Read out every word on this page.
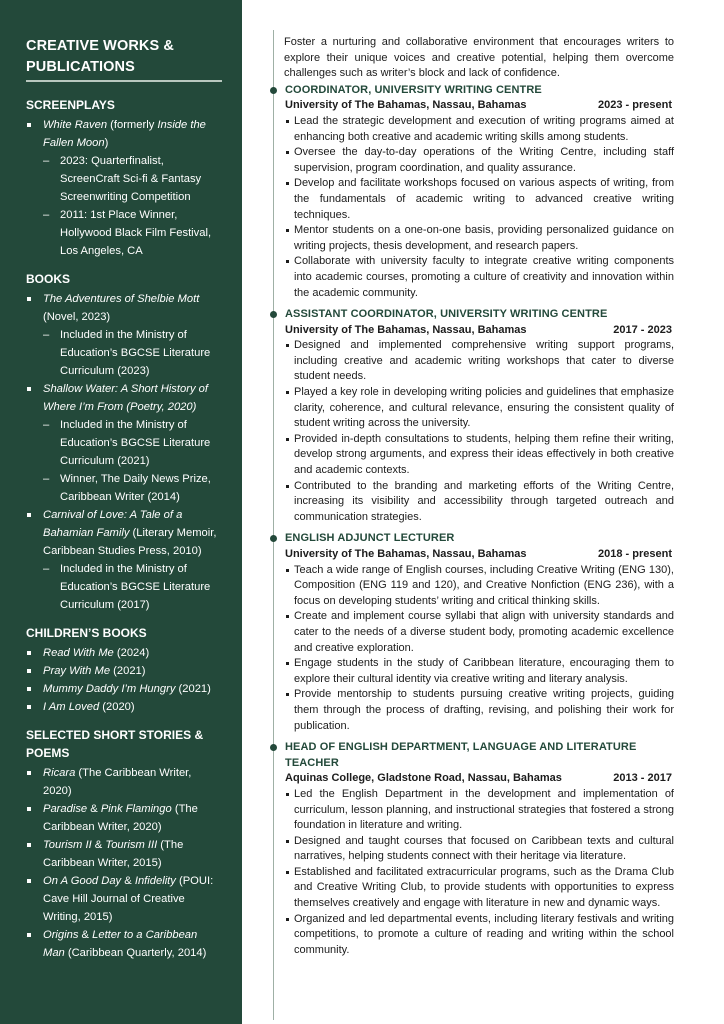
CREATIVE WORKS & PUBLICATIONS
SCREENPLAYS
White Raven (formerly Inside the Fallen Moon)
– 2023: Quarterfinalist, ScreenCraft Sci-fi & Fantasy Screenwriting Competition
– 2011: 1st Place Winner, Hollywood Black Film Festival, Los Angeles, CA
BOOKS
The Adventures of Shelbie Mott (Novel, 2023)
– Included in the Ministry of Education’s BGCSE Literature Curriculum (2023)
Shallow Water: A Short History of Where I’m From (Poetry, 2020)
– Included in the Ministry of Education’s BGCSE Literature Curriculum (2021)
– Winner, The Daily News Prize, Caribbean Writer (2014)
Carnival of Love: A Tale of a Bahamian Family (Literary Memoir, Caribbean Studies Press, 2010)
– Included in the Ministry of Education’s BGCSE Literature Curriculum (2017)
CHILDREN’S BOOKS
Read With Me (2024)
Pray With Me (2021)
Mummy Daddy I’m Hungry (2021)
I Am Loved (2020)
SELECTED SHORT STORIES & POEMS
Ricara (The Caribbean Writer, 2020)
Paradise & Pink Flamingo (The Caribbean Writer, 2020)
Tourism II & Tourism III (The Caribbean Writer, 2015)
On A Good Day & Infidelity (POUI: Cave Hill Journal of Creative Writing, 2015)
Origins & Letter to a Caribbean Man (Caribbean Quarterly, 2014)

Foster a nurturing and collaborative environment that encourages writers to explore their unique voices and creative potential, helping them overcome challenges such as writer’s block and lack of confidence.

COORDINATOR, UNIVERSITY WRITING CENTRE
University of The Bahamas, Nassau, Bahamas	2023 - present
Lead the strategic development and execution of writing programs aimed at enhancing both creative and academic writing skills among students.
Oversee the day-to-day operations of the Writing Centre, including staff supervision, program coordination, and quality assurance.
Develop and facilitate workshops focused on various aspects of writing, from the fundamentals of academic writing to advanced creative writing techniques.
Mentor students on a one-on-one basis, providing personalized guidance on writing projects, thesis development, and research papers.
Collaborate with university faculty to integrate creative writing components into academic courses, promoting a culture of creativity and innovation within the academic community.
ASSISTANT COORDINATOR, UNIVERSITY WRITING CENTRE
University of The Bahamas, Nassau, Bahamas	2017 - 2023
Designed and implemented comprehensive writing support programs, including creative and academic writing workshops that cater to diverse student needs.
Played a key role in developing writing policies and guidelines that emphasize clarity, coherence, and cultural relevance, ensuring the consistent quality of student writing across the university.
Provided in-depth consultations to students, helping them refine their writing, develop strong arguments, and express their ideas effectively in both creative and academic contexts.
Contributed to the branding and marketing efforts of the Writing Centre, increasing its visibility and accessibility through targeted outreach and communication strategies.
ENGLISH ADJUNCT LECTURER
University of The Bahamas, Nassau, Bahamas	2018 - present
Teach a wide range of English courses, including Creative Writing (ENG 130), Composition (ENG 119 and 120), and Creative Nonfiction (ENG 236), with a focus on developing students’ writing and critical thinking skills.
Create and implement course syllabi that align with university standards and cater to the needs of a diverse student body, promoting academic excellence and creative exploration.
Engage students in the study of Caribbean literature, encouraging them to explore their cultural identity via creative writing and literary analysis.
Provide mentorship to students pursuing creative writing projects, guiding them through the process of drafting, revising, and polishing their work for publication.
HEAD OF ENGLISH DEPARTMENT, LANGUAGE AND LITERATURE TEACHER
Aquinas College, Gladstone Road, Nassau, Bahamas	2013 - 2017
Led the English Department in the development and implementation of curriculum, lesson planning, and instructional strategies that fostered a strong foundation in literature and writing.
Designed and taught courses that focused on Caribbean texts and cultural narratives, helping students connect with their heritage via literature.
Established and facilitated extracurricular programs, such as the Drama Club and Creative Writing Club, to provide students with opportunities to express themselves creatively and engage with literature in new and dynamic ways.
Organized and led departmental events, including literary festivals and writing competitions, to promote a culture of reading and writing within the school community.
